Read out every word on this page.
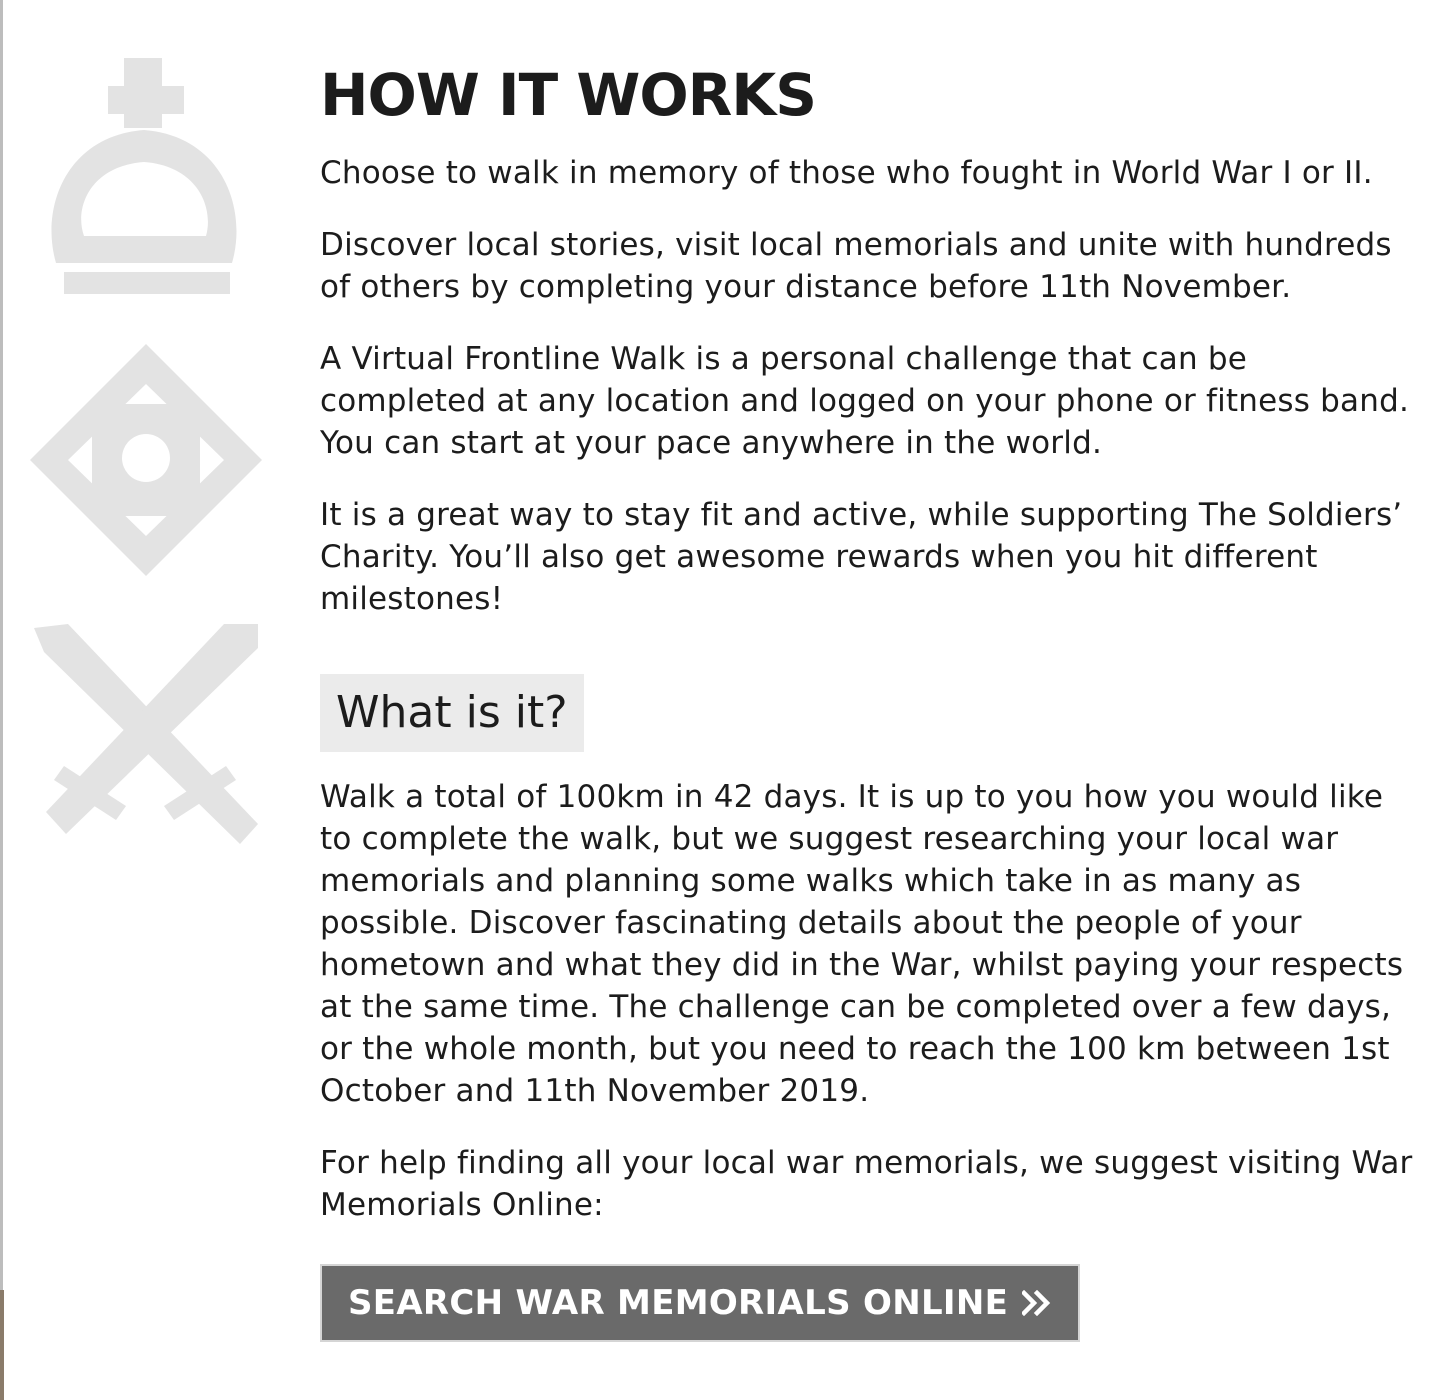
HOW IT WORKS

Choose to walk in memory of those who fought in World War I or II.

Discover local stories, visit local memorials and unite with hundreds of others by completing your distance before 11th November.

A Virtual Frontline Walk is a personal challenge that can be completed at any location and logged on your phone or fitness band. You can start at your pace anywhere in the world.

It is a great way to stay fit and active, while supporting The Soldiers’ Charity. You’ll also get awesome rewards when you hit different milestones!

What is it?

Walk a total of 100km in 42 days. It is up to you how you would like to complete the walk, but we suggest researching your local war memorials and planning some walks which take in as many as possible. Discover fascinating details about the people of your hometown and what they did in the War, whilst paying your respects at the same time. The challenge can be completed over a few days, or the whole month, but you need to reach the 100 km between 1st October and 11th November 2019.

For help finding all your local war memorials, we suggest visiting War Memorials Online:

SEARCH WAR MEMORIALS ONLINE
